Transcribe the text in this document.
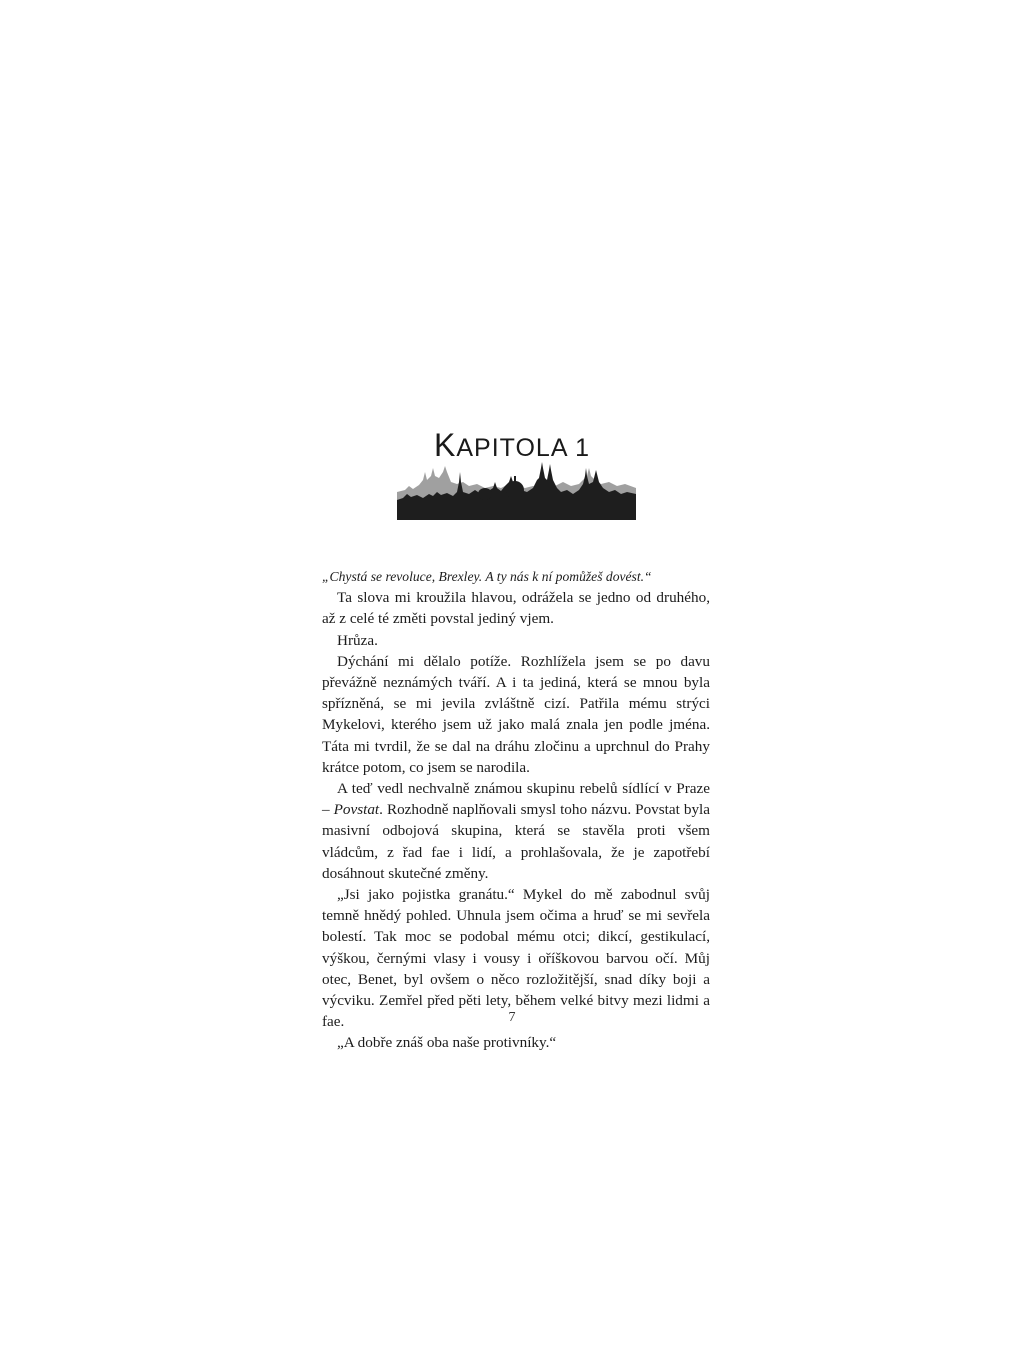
KAPITOLA 1

„Chystá se revoluce, Brexley. A ty nás k ní pomůžeš dovést.“

Ta slova mi kroužila hlavou, odrážela se jedno od druhého, až z celé té změti povstal jediný vjem.

Hrůza.

Dýchání mi dělalo potíže. Rozhlížela jsem se po davu převážně neznámých tváří. A i ta jediná, která se mnou byla spřízněná, se mi jevila zvláštně cizí. Patřila mému strýci Mykelovi, kterého jsem už jako malá znala jen podle jména. Táta mi tvrdil, že se dal na dráhu zločinu a uprchnul do Prahy krátce potom, co jsem se narodila.

A teď vedl nechvalně známou skupinu rebelů sídlící v Praze – Povstat. Rozhodně naplňovali smysl toho názvu. Povstat byla masivní odbojová skupina, která se stavěla proti všem vládcům, z řad fae i lidí, a prohlašovala, že je zapotřebí dosáhnout skutečné změny.

„Jsi jako pojistka granátu.“ Mykel do mě zabodnul svůj temně hnědý pohled. Uhnula jsem očima a hruď se mi sevřela bolestí. Tak moc se podobal mému otci; dikcí, gestikulací, výškou, černými vlasy i vousy i oříškovou barvou očí. Můj otec, Benet, byl ovšem o něco rozložitější, snad díky boji a výcviku. Zemřel před pěti lety, během velké bitvy mezi lidmi a fae.

„A dobře znáš oba naše protivníky.“

7
